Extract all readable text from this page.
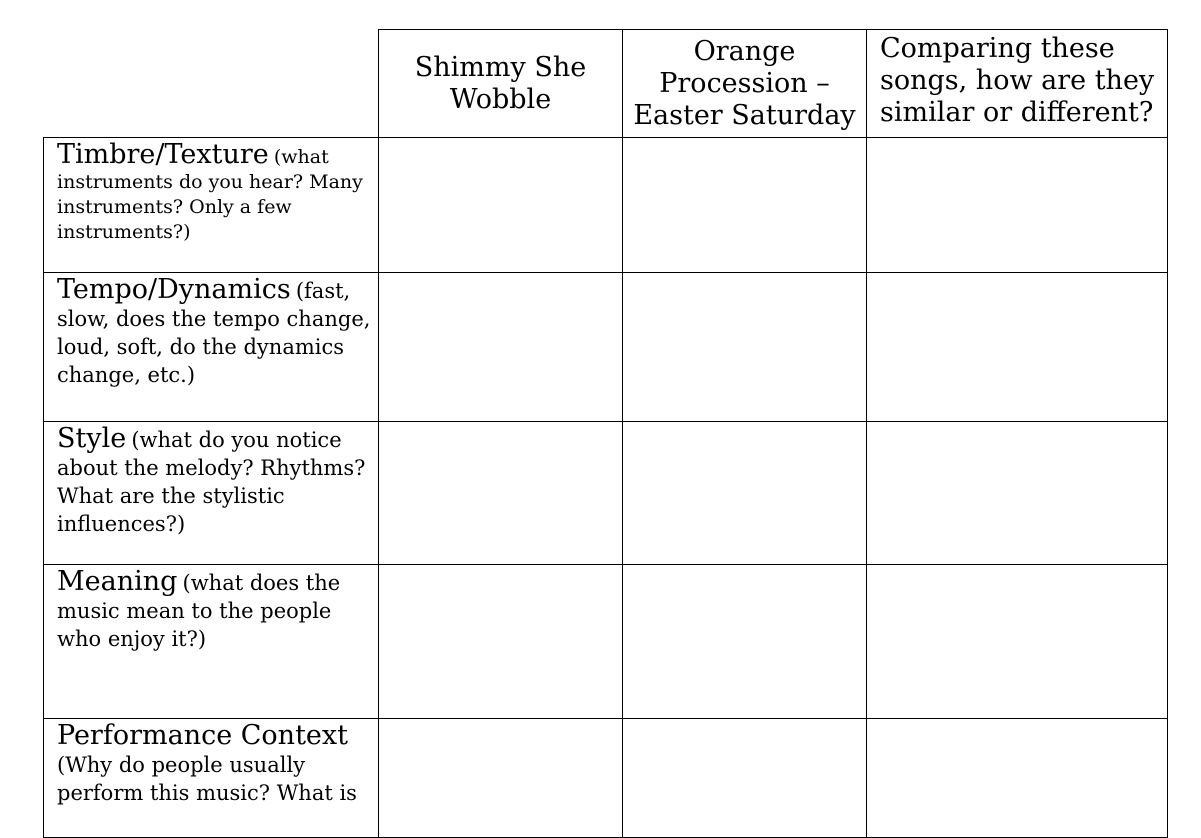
Shimmy She Wobble
Orange Procession – Easter Saturday
Comparing these songs, how are they similar or different?
Timbre/Texture (what instruments do you hear? Many instruments? Only a few instruments?)
Tempo/Dynamics (fast, slow, does the tempo change, loud, soft, do the dynamics change, etc.)
Style (what do you notice about the melody? Rhythms? What are the stylistic influences?)
Meaning (what does the music mean to the people who enjoy it?)
Performance Context (Why do people usually perform this music? What is
